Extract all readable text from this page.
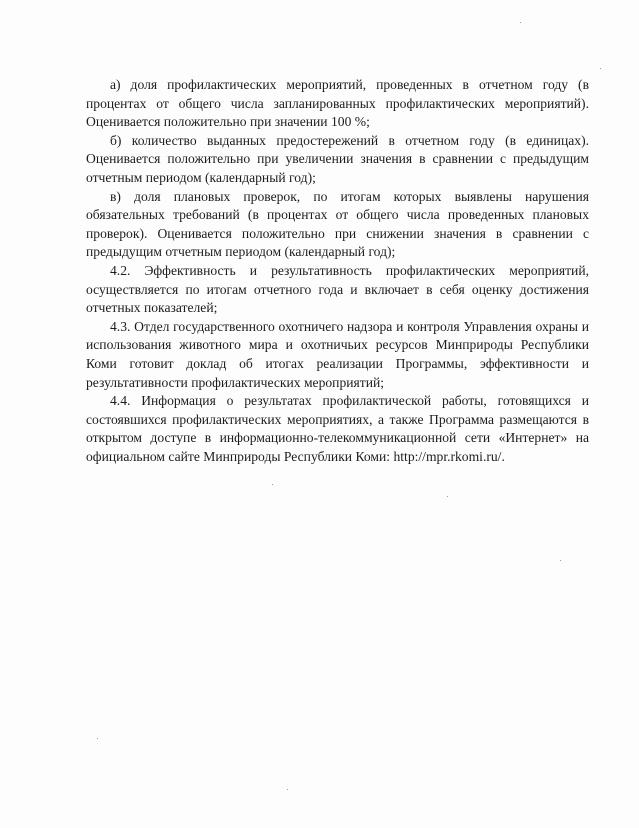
а) доля профилактических мероприятий, проведенных в отчетном году (в процентах от общего числа запланированных профилактических мероприятий). Оценивается положительно при значении 100 %;

б) количество выданных предостережений в отчетном году (в единицах). Оценивается положительно при увеличении значения в сравнении с предыдущим отчетным периодом (календарный год);

в) доля плановых проверок, по итогам которых выявлены нарушения обязательных требований (в процентах от общего числа проведенных плановых проверок). Оценивается положительно при снижении значения в сравнении с предыдущим отчетным периодом (календарный год);

4.2. Эффективность и результативность профилактических мероприятий, осуществляется по итогам отчетного года и включает в себя оценку достижения отчетных показателей;

4.3. Отдел государственного охотничего надзора и контроля Управления охраны и использования животного мира и охотничьих ресурсов Минприроды Республики Коми готовит доклад об итогах реализации Программы, эффективности и результативности профилактических мероприятий;

4.4. Информация о результатах профилактической работы, готовящихся и состоявшихся профилактических мероприятиях, а также Программа размещаются в открытом доступе в информационно-телекоммуникационной сети «Интернет» на официальном сайте Минприроды Республики Коми: http://mpr.rkomi.ru/.
